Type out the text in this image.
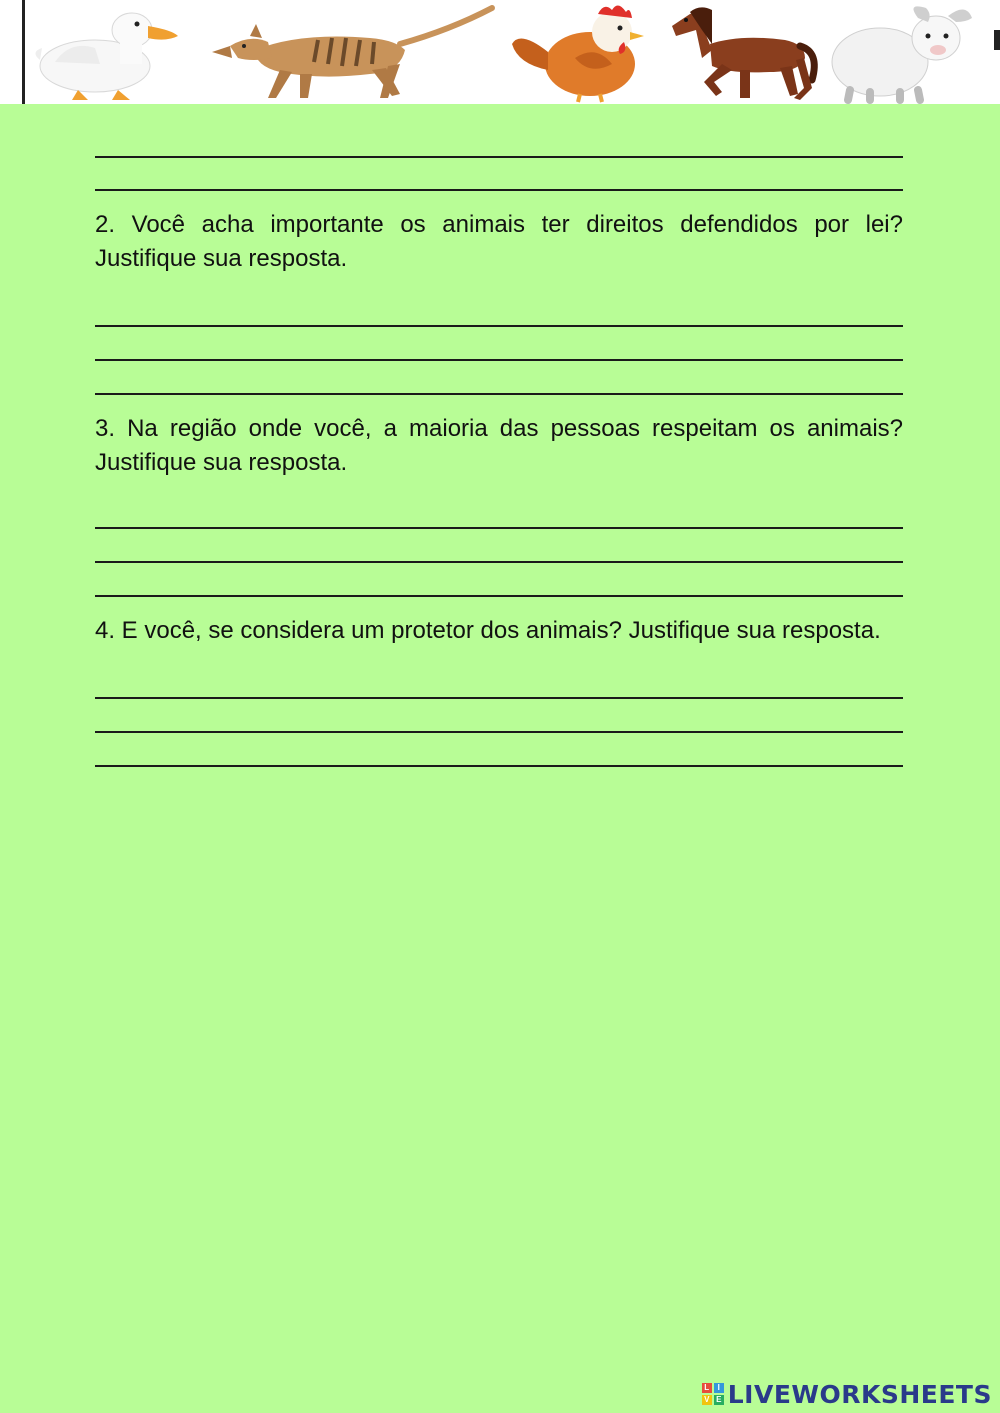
2. Você acha importante os animais ter direitos defendidos por lei? Justifique sua resposta.

3. Na região onde você, a maioria das pessoas respeitam os animais? Justifique sua resposta.

4. E você, se considera um protetor dos animais? Justifique sua resposta.

L	I
V E LIVEWORKSHEETS
